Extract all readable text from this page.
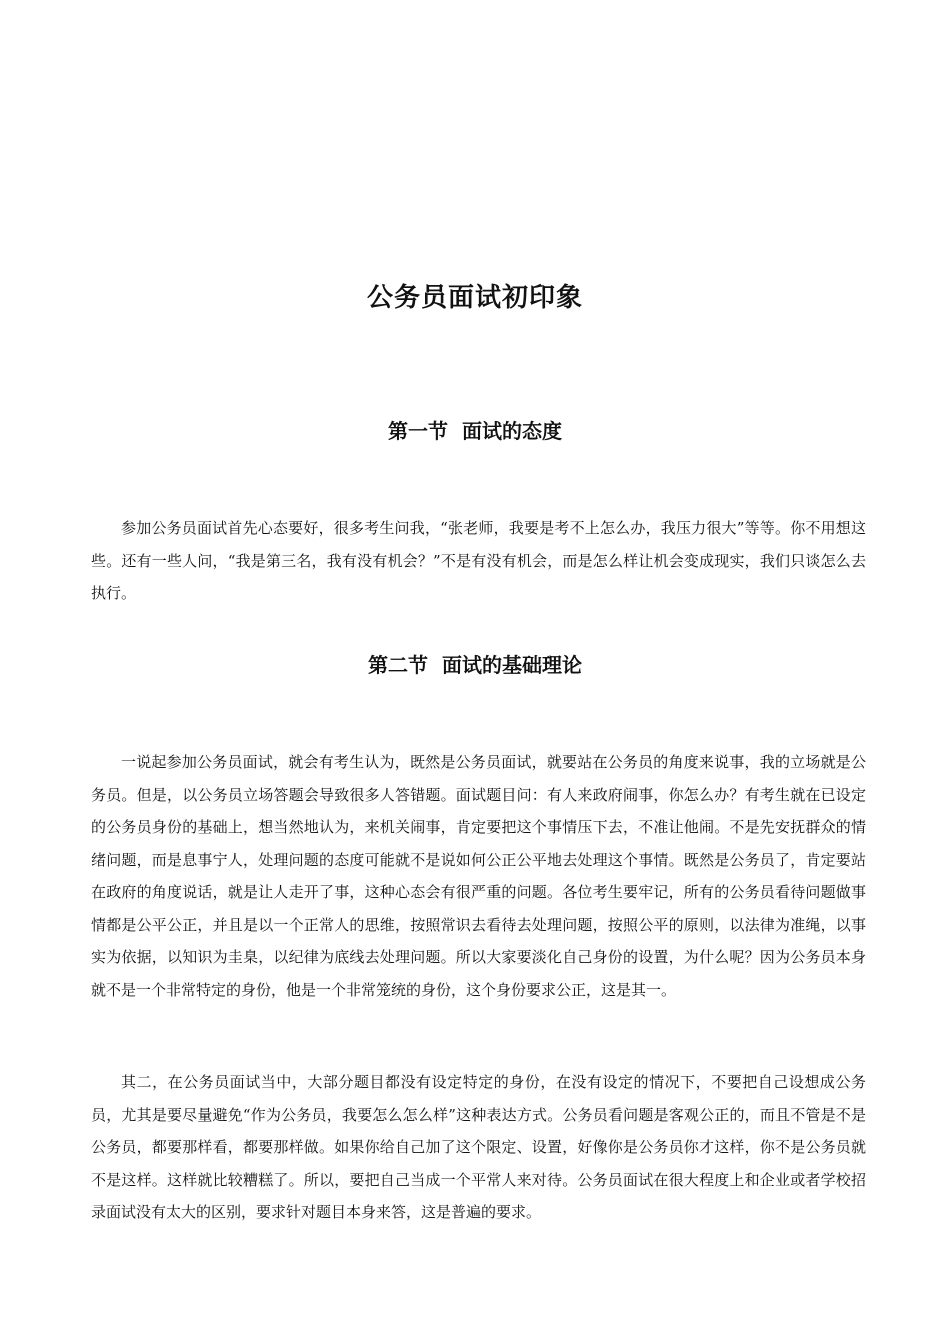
公务员面试初印象
第一节  面试的态度

参加公务员面试首先心态要好，很多考生问我，“张老师，我要是考不上怎么办，我压力很大”等等。你不用想这些。还有一些人问，“我是第三名，我有没有机会？”不是有没有机会，而是怎么样让机会变成现实，我们只谈怎么去执行。

第二节  面试的基础理论

一说起参加公务员面试，就会有考生认为，既然是公务员面试，就要站在公务员的角度来说事，我的立场就是公务员。但是，以公务员立场答题会导致很多人答错题。面试题目问：有人来政府闹事，你怎么办？有考生就在已设定的公务员身份的基础上，想当然地认为，来机关闹事，肯定要把这个事情压下去，不准让他闹。不是先安抚群众的情绪问题，而是息事宁人，处理问题的态度可能就不是说如何公正公平地去处理这个事情。既然是公务员了，肯定要站在政府的角度说话，就是让人走开了事，这种心态会有很严重的问题。各位考生要牢记，所有的公务员看待问题做事情都是公平公正，并且是以一个正常人的思维，按照常识去看待去处理问题，按照公平的原则，以法律为准绳，以事实为依据，以知识为圭臬，以纪律为底线去处理问题。所以大家要淡化自己身份的设置，为什么呢？因为公务员本身就不是一个非常特定的身份，他是一个非常笼统的身份，这个身份要求公正，这是其一。

其二，在公务员面试当中，大部分题目都没有设定特定的身份，在没有设定的情况下，不要把自己设想成公务员，尤其是要尽量避免“作为公务员，我要怎么怎么样”这种表达方式。公务员看问题是客观公正的，而且不管是不是公务员，都要那样看，都要那样做。如果你给自己加了这个限定、设置，好像你是公务员你才这样，你不是公务员就不是这样。这样就比较糟糕了。所以，要把自己当成一个平常人来对待。公务员面试在很大程度上和企业或者学校招录面试没有太大的区别，要求针对题目本身来答，这是普遍的要求。
